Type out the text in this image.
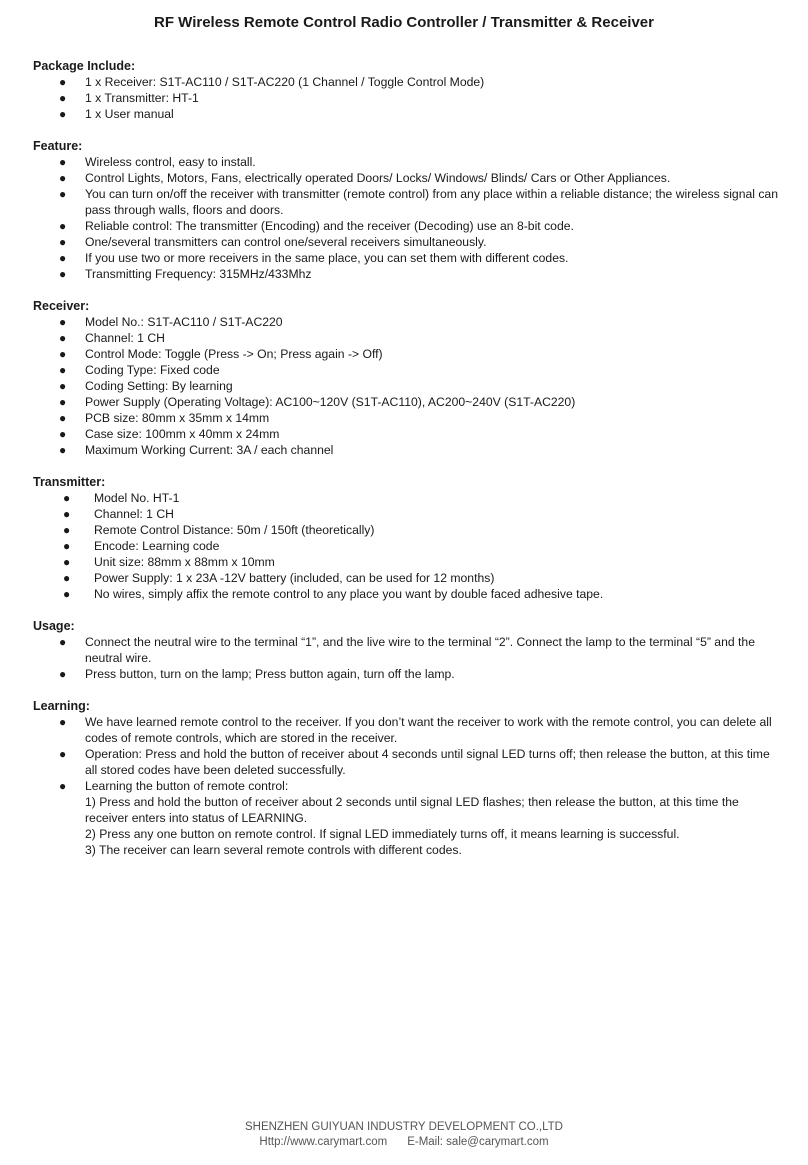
RF Wireless Remote Control Radio Controller / Transmitter & Receiver
Package Include:
● 1 x Receiver: S1T-AC110 / S1T-AC220 (1 Channel / Toggle Control Mode)
● 1 x Transmitter: HT-1
● 1 x User manual
Feature:
● Wireless control, easy to install.
● Control Lights, Motors, Fans, electrically operated Doors/ Locks/ Windows/ Blinds/ Cars or Other Appliances.
● You can turn on/off the receiver with transmitter (remote control) from any place within a reliable distance; the wireless signal can pass through walls, floors and doors.
● Reliable control: The transmitter (Encoding) and the receiver (Decoding) use an 8-bit code.
● One/several transmitters can control one/several receivers simultaneously.
● If you use two or more receivers in the same place, you can set them with different codes.
● Transmitting Frequency: 315MHz/433Mhz
Receiver:
● Model No.: S1T-AC110 / S1T-AC220
● Channel: 1 CH
● Control Mode: Toggle (Press -> On; Press again -> Off)
● Coding Type: Fixed code
● Coding Setting: By learning
● Power Supply (Operating Voltage): AC100~120V (S1T-AC110), AC200~240V (S1T-AC220)
● PCB size: 80mm x 35mm x 14mm
● Case size: 100mm x 40mm x 24mm
● Maximum Working Current: 3A / each channel
Transmitter:
● Model No. HT-1
● Channel: 1 CH
● Remote Control Distance: 50m / 150ft (theoretically)
● Encode: Learning code
● Unit size: 88mm x 88mm x 10mm
● Power Supply: 1 x 23A -12V battery (included, can be used for 12 months)
● No wires, simply affix the remote control to any place you want by double faced adhesive tape.
Usage:
● Connect the neutral wire to the terminal “1”, and the live wire to the terminal “2”. Connect the lamp to the terminal “5” and the neutral wire.
● Press button, turn on the lamp; Press button again, turn off the lamp.
Learning:
● We have learned remote control to the receiver. If you don’t want the receiver to work with the remote control, you can delete all codes of remote controls, which are stored in the receiver.
● Operation: Press and hold the button of receiver about 4 seconds until signal LED turns off; then release the button, at this time all stored codes have been deleted successfully.
● Learning the button of remote control:
1) Press and hold the button of receiver about 2 seconds until signal LED flashes; then release the button, at this time the receiver enters into status of LEARNING.
2) Press any one button on remote control. If signal LED immediately turns off, it means learning is successful.
3) The receiver can learn several remote controls with different codes.
SHENZHEN GUIYUAN INDUSTRY DEVELOPMENT CO.,LTD
Http://www.carymart.com E-Mail: sale@carymart.com
